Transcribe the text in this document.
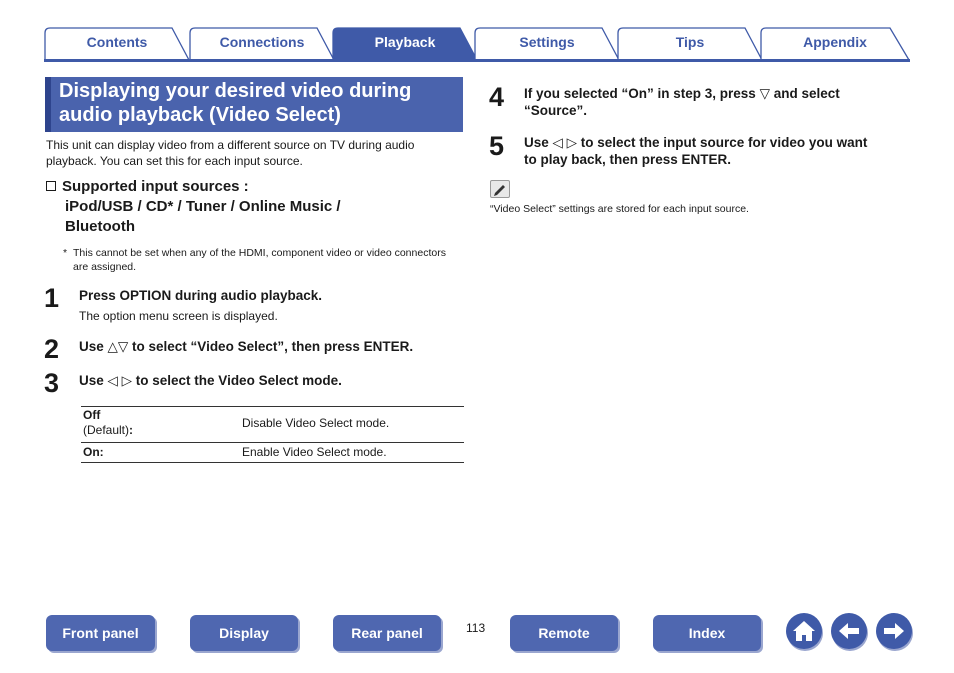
Contents	Connections	Playback	Settings	Tips	Appendix
Displaying your desired video during
audio playback (Video Select)

This unit can display video from a different source on TV during audio playback. You can set this for each input source.

Supported input sources :
iPod/USB / CD* / Tuner / Online Music /
Bluetooth
* This cannot be set when any of the HDMI, component video or video connectors are assigned.
1 Press OPTION during audio playback.
The option menu screen is displayed.
2 Use △▽ to select “Video Select”, then press ENTER.
3 Use ◁ ▷ to select the Video Select mode.
Off
(Default):	Disable Video Select mode.
On:	Enable Video Select mode.
4 If you selected “On” in step 3, press ▽ and select
“Source”.
5 Use ◁ ▷ to select the input source for video you want
to play back, then press ENTER.

“Video Select” settings are stored for each input source.

Front panel	Display	Rear panel	113	Remote	Index
